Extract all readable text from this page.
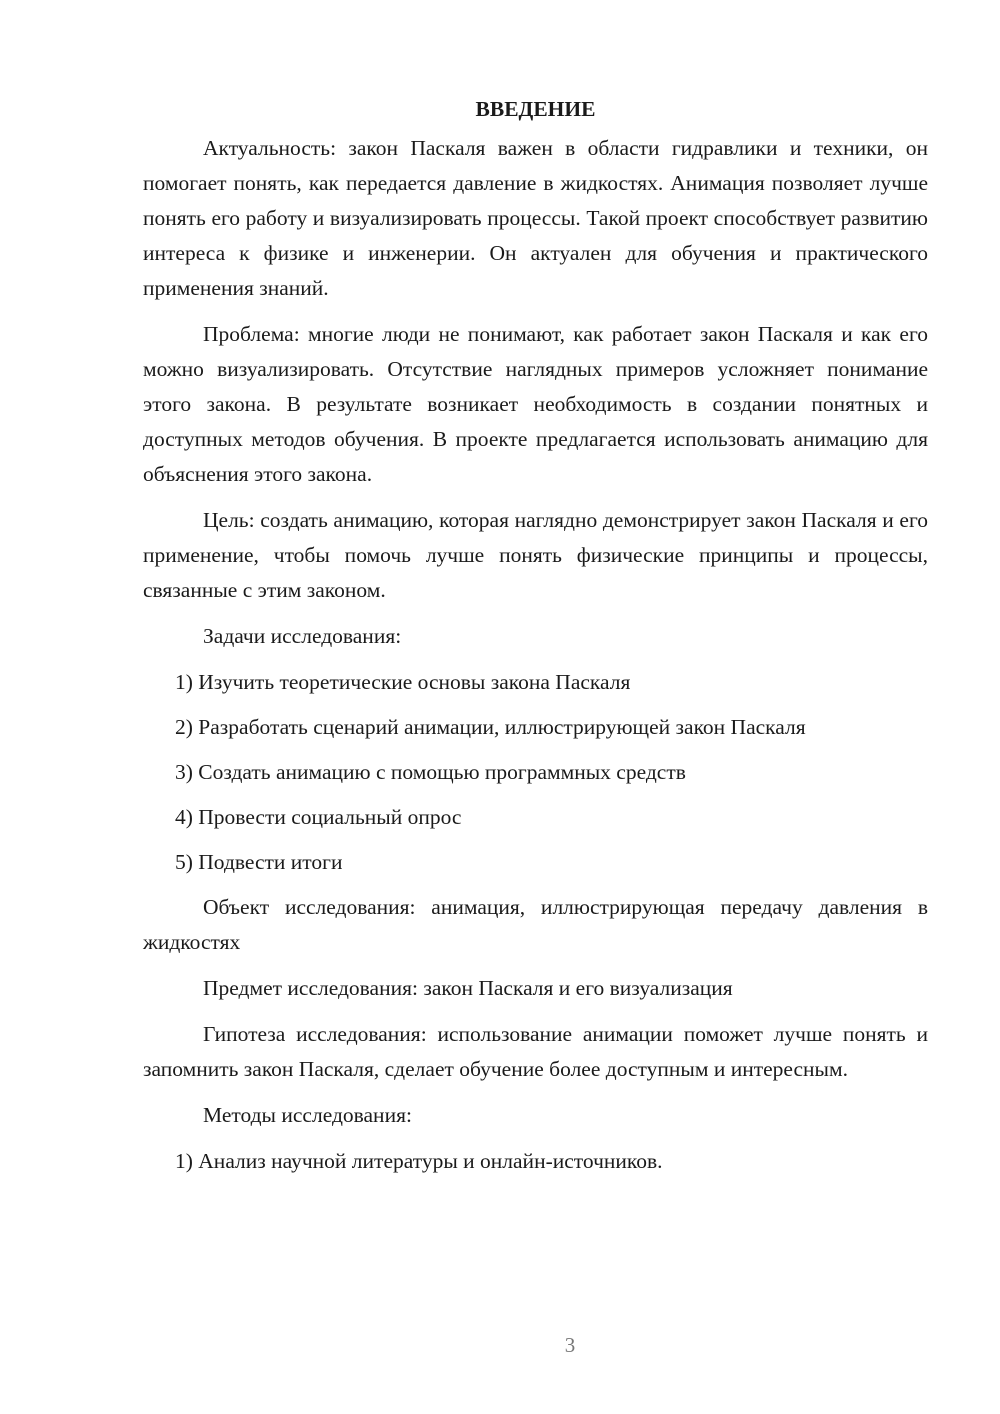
ВВЕДЕНИЕ

Актуальность: закон Паскаля важен в области гидравлики и техники, он помогает понять, как передается давление в жидкостях. Анимация позволяет лучше понять его работу и визуализировать процессы. Такой проект способствует развитию интереса к физике и инженерии. Он актуален для обучения и практического применения знаний.

Проблема: многие люди не понимают, как работает закон Паскаля и как его можно визуализировать. Отсутствие наглядных примеров усложняет понимание этого закона. В результате возникает необходимость в создании понятных и доступных методов обучения. В проекте предлагается использовать анимацию для объяснения этого закона.

Цель: создать анимацию, которая наглядно демонстрирует закон Паскаля и его применение, чтобы помочь лучше понять физические принципы и процессы, связанные с этим законом.

Задачи исследования:

1) Изучить теоретические основы закона Паскаля

2) Разработать сценарий анимации, иллюстрирующей закон Паскаля

3) Создать анимацию с помощью программных средств

4) Провести социальный опрос

5) Подвести итоги

Объект исследования: анимация, иллюстрирующая передачу давления в жидкостях

Предмет исследования: закон Паскаля и его визуализация

Гипотеза исследования: использование анимации поможет лучше понять и запомнить закон Паскаля, сделает обучение более доступным и интересным.

Методы исследования:

1) Анализ научной литературы и онлайн-источников.

3
